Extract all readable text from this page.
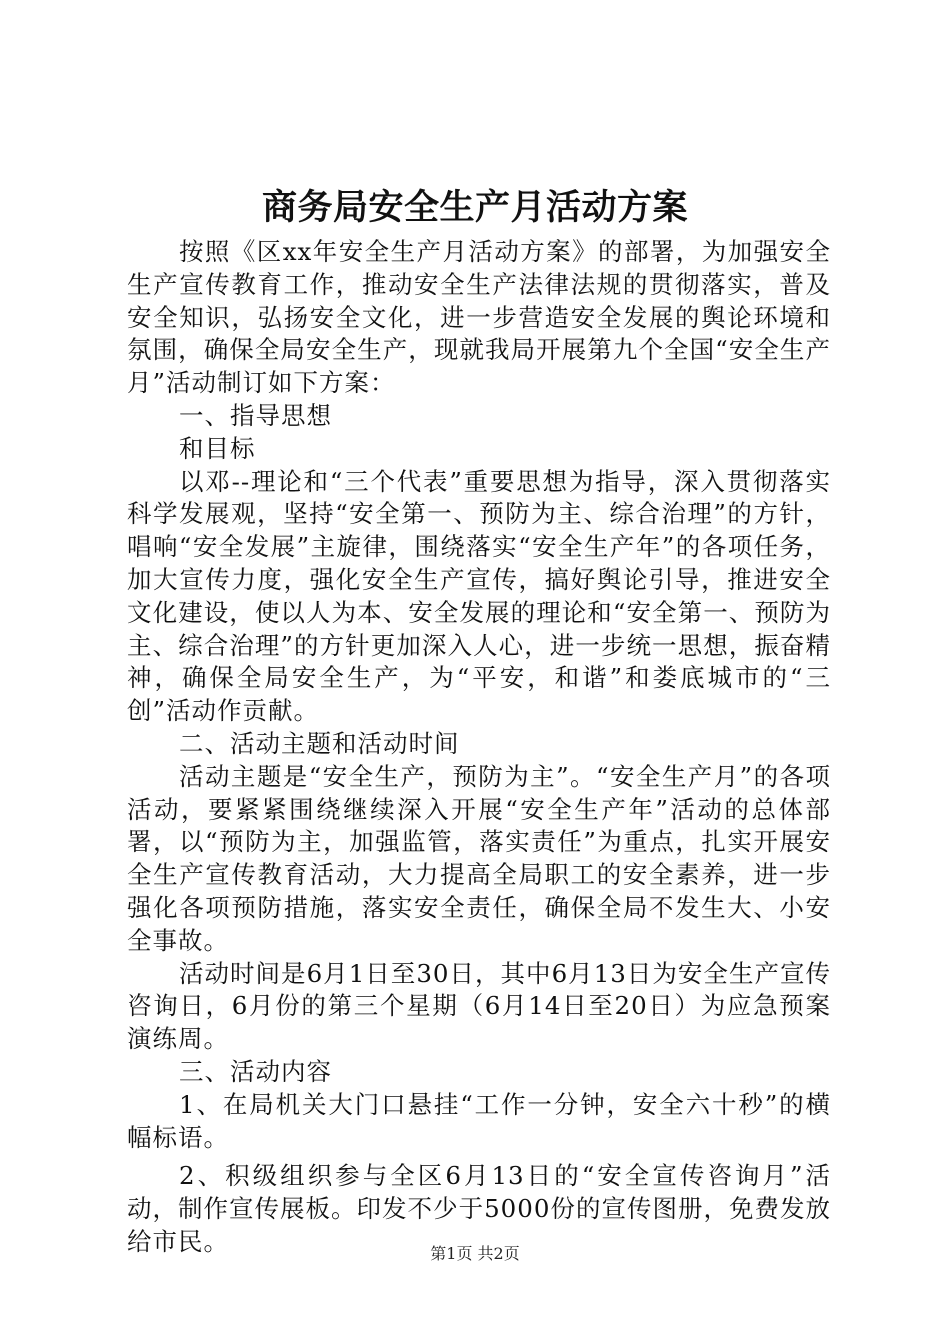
商务局安全生产月活动方案

按照《区xx年安全生产月活动方案》的部署，为加强安全生产宣传教育工作，推动安全生产法律法规的贯彻落实，普及安全知识，弘扬安全文化，进一步营造安全发展的舆论环境和氛围，确保全局安全生产，现就我局开展第九个全国“安全生产月”活动制订如下方案：

一、指导思想

和目标

以邓--理论和“三个代表”重要思想为指导，深入贯彻落实科学发展观，坚持“安全第一、预防为主、综合治理”的方针，唱响“安全发展”主旋律，围绕落实“安全生产年”的各项任务，加大宣传力度，强化安全生产宣传，搞好舆论引导，推进安全文化建设，使以人为本、安全发展的理论和“安全第一、预防为主、综合治理”的方针更加深入人心，进一步统一思想，振奋精神，确保全局安全生产，为“平安，和谐”和娄底城市的“三创”活动作贡献。

二、活动主题和活动时间

活动主题是“安全生产，预防为主”。“安全生产月”的各项活动，要紧紧围绕继续深入开展“安全生产年”活动的总体部署，以“预防为主，加强监管，落实责任”为重点，扎实开展安全生产宣传教育活动，大力提高全局职工的安全素养，进一步强化各项预防措施，落实安全责任，确保全局不发生大、小安全事故。

活动时间是6月1日至30日，其中6月13日为安全生产宣传咨询日，6月份的第三个星期（6月14日至20日）为应急预案演练周。

三、活动内容

1、在局机关大门口悬挂“工作一分钟，安全六十秒”的横幅标语。

2、积级组织参与全区6月13日的“安全宣传咨询月”活动，制作宣传展板。印发不少于5000份的宣传图册，免费发放给市民。	第1页 共2页
